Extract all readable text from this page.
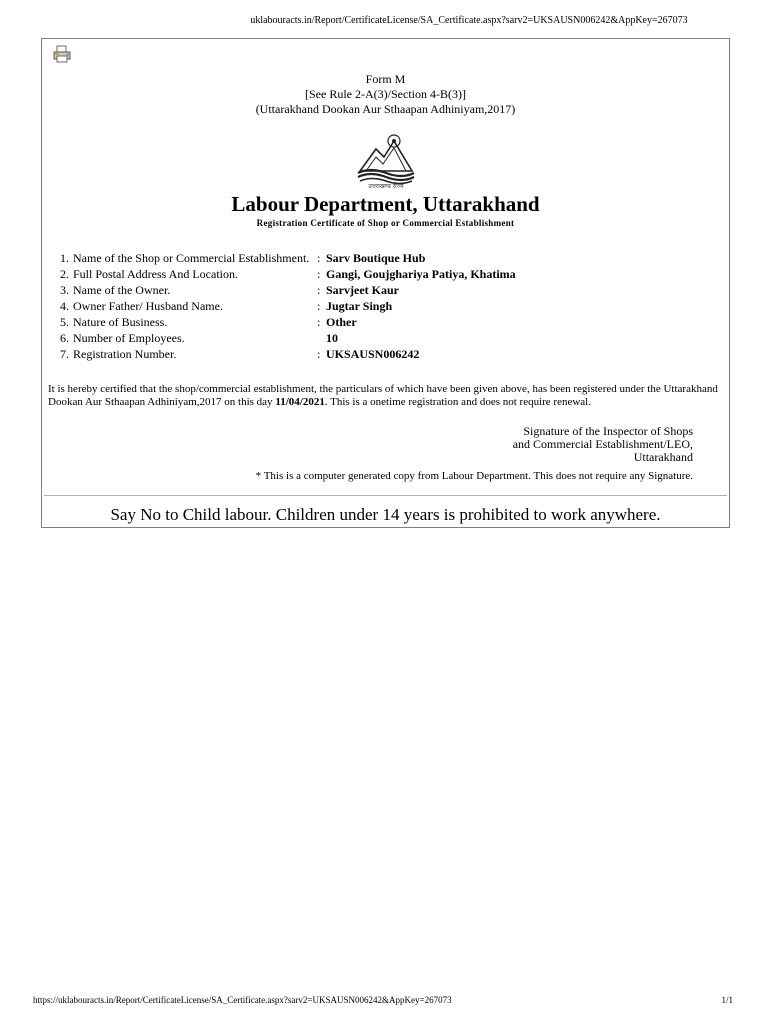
uklabouracts.in/Report/CertificateLicense/SA_Certificate.aspx?sarv2=UKSAUSN006242&AppKey=267073
Form M
[See Rule 2-A(3)/Section 4-B(3)]
(Uttarakhand Dookan Aur Sthaapan Adhiniyam,2017)
उत्तराखण्ड राज्य
Labour Department, Uttarakhand
Registration Certificate of Shop or Commercial Establishment
1.	Name of the Shop or Commercial Establishment.	: Sarv Boutique Hub
2.	Full Postal Address And Location.	: Gangi, Goujghariya Patiya, Khatima
3.	Name of the Owner.	: Sarvjeet Kaur
4.	Owner Father/ Husband Name.	: Jugtar Singh
5.	Nature of Business.	: Other
6.	Number of Employees.	10
7.	Registration Number.	: UKSAUSN006242
It is hereby certified that the shop/commercial establishment, the particulars of which have been given above, has been registered under the Uttarakhand Dookan Aur Sthaapan Adhiniyam,2017 on this day 11/04/2021. This is a onetime registration and does not require renewal.
Signature of the Inspector of Shops
and Commercial Establishment/LEO,
Uttarakhand
* This is a computer generated copy from Labour Department. This does not require any Signature.
Say No to Child labour. Children under 14 years is prohibited to work anywhere.
https://uklabouracts.in/Report/CertificateLicense/SA_Certificate.aspx?sarv2=UKSAUSN006242&AppKey=267073	1/1
